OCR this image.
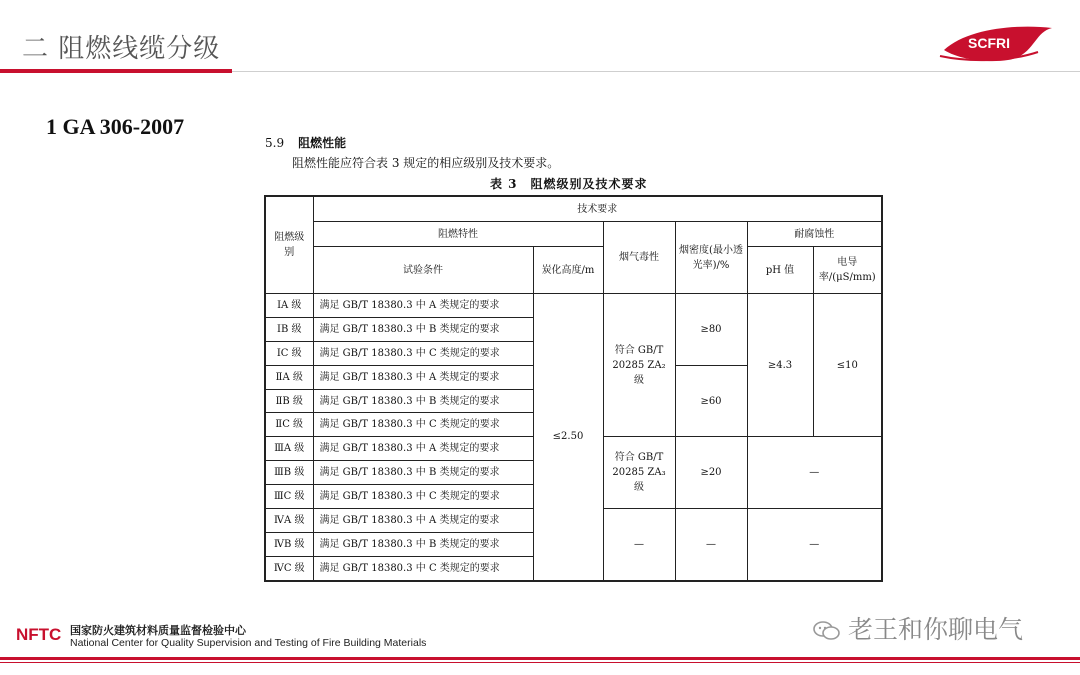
二 阻燃线缆分级	SCFRI
1 GA 306-2007
5.9 阻燃性能
阻燃性能应符合表 3 规定的相应级别及技术要求。
表 3　阻燃级别及技术要求
阻燃级别	技术要求					
	阻燃特性		烟气毒性	烟密度(最小透光率)/%	耐腐蚀性	
	试验条件	炭化高度/m			pH 值	电导率/(μS/mm)
ⅠA 级	满足 GB/T 18380.3 中 A 类规定的要求	≤2.50	符合 GB/T 20285 ZA₂ 级	≥80	≥4.3	≤10
ⅠB 级	满足 GB/T 18380.3 中 B 类规定的要求					
ⅠC 级	满足 GB/T 18380.3 中 C 类规定的要求					
ⅡA 级	满足 GB/T 18380.3 中 A 类规定的要求			≥60		
ⅡB 级	满足 GB/T 18380.3 中 B 类规定的要求					
ⅡC 级	满足 GB/T 18380.3 中 C 类规定的要求					
ⅢA 级	满足 GB/T 18380.3 中 A 类规定的要求		符合 GB/T 20285 ZA₃ 级	≥20	—	
ⅢB 级	满足 GB/T 18380.3 中 B 类规定的要求					
ⅢC 级	满足 GB/T 18380.3 中 C 类规定的要求					
ⅣA 级	满足 GB/T 18380.3 中 A 类规定的要求		—	—	—	
ⅣB 级	满足 GB/T 18380.3 中 B 类规定的要求					
ⅣC 级	满足 GB/T 18380.3 中 C 类规定的要求					
NFTC 国家防火建筑材料质量监督检验中心
National Center for Quality Supervision and Testing of Fire Building Materials	老王和你聊电气
